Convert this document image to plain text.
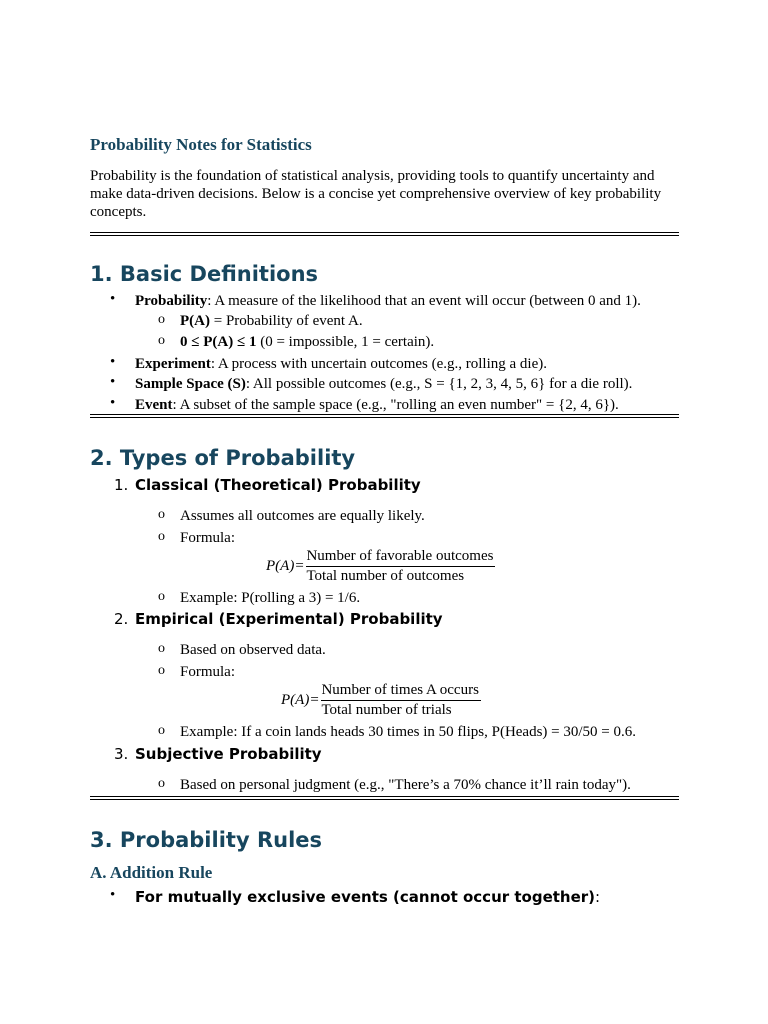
Probability Notes for Statistics

Probability is the foundation of statistical analysis, providing tools to quantify uncertainty and make data-driven decisions. Below is a concise yet comprehensive overview of key probability concepts.

1. Basic Definitions
• Probability: A measure of the likelihood that an event will occur (between 0 and 1).
o P(A) = Probability of event A.
o 0 ≤ P(A) ≤ 1 (0 = impossible, 1 = certain).
• Experiment: A process with uncertain outcomes (e.g., rolling a die).
• Sample Space (S): All possible outcomes (e.g., S = {1, 2, 3, 4, 5, 6} for a die roll).
• Event: A subset of the sample space (e.g., "rolling an even number" = {2, 4, 6}).
2. Types of Probability
1. Classical (Theoretical) Probability
o Assumes all outcomes are equally likely.
o Formula:
$P(A)= \frac{\text{Number of favorable outcomes}}{\text{Total number of outcomes}}$
o Example: P(rolling a 3) = 1/6.
2. Empirical (Experimental) Probability
o Based on observed data.
o Formula:
$P(A)= \frac{\text{Number of times A occurs}}{\text{Total number of trials}}$
o Example: If a coin lands heads 30 times in 50 flips, P(Heads) = 30/50 = 0.6.
3. Subjective Probability
o Based on personal judgment (e.g., "There’s a 70% chance it’ll rain today").
3. Probability Rules
A. Addition Rule
• For mutually exclusive events (cannot occur together):
